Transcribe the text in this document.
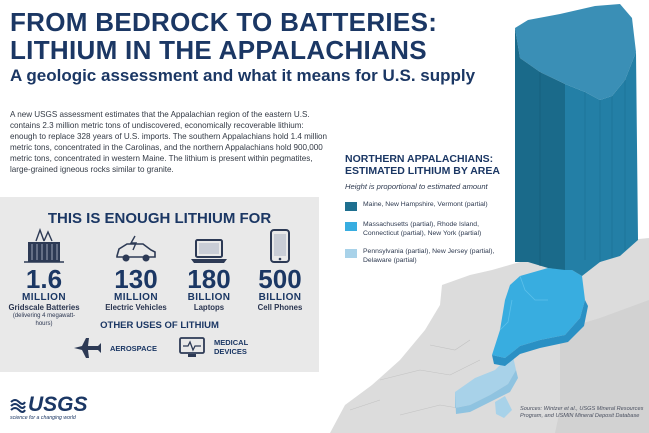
FROM BEDROCK TO BATTERIES:
LITHIUM IN THE APPALACHIANS
A geologic assessment and what it means for U.S. supply

A new USGS assessment estimates that the Appalachian region of the eastern U.S. contains 2.3 million metric tons of undiscovered, economically recoverable lithium: enough to replace 328 years of U.S. imports. The southern Appalachians hold 1.4 million metric tons, concentrated in the Carolinas, and the northern Appalachians hold 900,000 metric tons, concentrated in western Maine. The lithium is present within pegmatites, large-grained igneous rocks similar to granite.

THIS IS ENOUGH LITHIUM FOR
1.6
MILLION
Gridscale Batteries
(delivering 4 megawatt-hours)
130
MILLION
Electric Vehicles
180
BILLION
Laptops
500
BILLION
Cell Phones
OTHER USES OF LITHIUM
AEROSPACE
MEDICAL
DEVICES
USGS
science for a changing world
NORTHERN APPALACHIANS:
ESTIMATED LITHIUM BY AREA
Height is proportional to estimated amount
Maine, New Hampshire, Vermont (partial)
Massachusetts (partial), Rhode Island, Connecticut (partial), New York (partial)
Pennsylvania (partial), New Jersey (partial), Delaware (partial)
Sources: Wintzer et al., USGS Mineral Resources Program, and USMIN Mineral Deposit Database
